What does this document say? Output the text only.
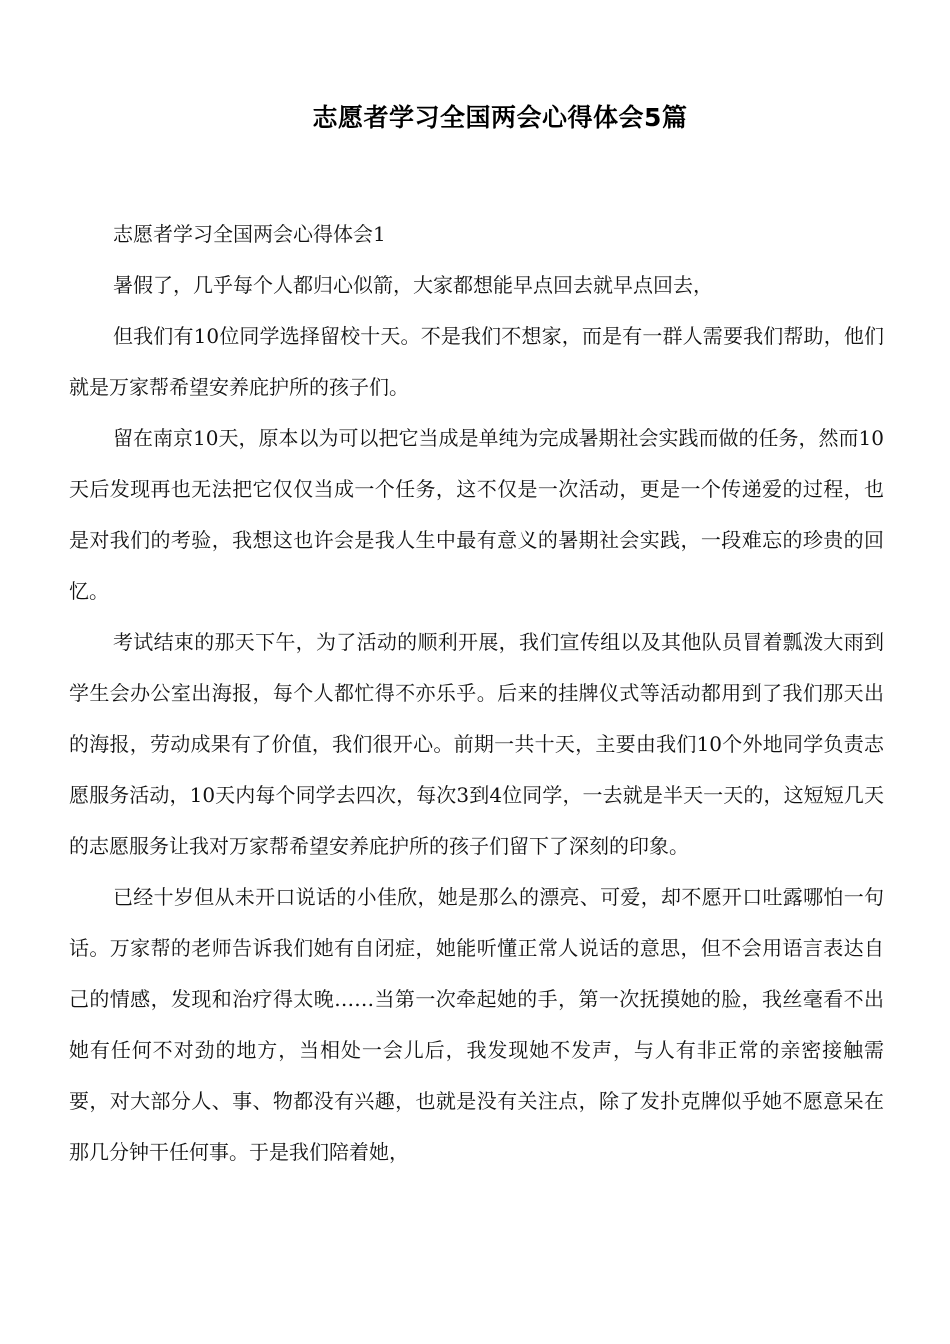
志愿者学习全国两会心得体会5篇

志愿者学习全国两会心得体会1

暑假了，几乎每个人都归心似箭，大家都想能早点回去就早点回去，

但我们有10位同学选择留校十天。不是我们不想家，而是有一群人需要我们帮助，他们就是万家帮希望安养庇护所的孩子们。

留在南京10天，原本以为可以把它当成是单纯为完成暑期社会实践而做的任务，然而10天后发现再也无法把它仅仅当成一个任务，这不仅是一次活动，更是一个传递爱的过程，也是对我们的考验，我想这也许会是我人生中最有意义的暑期社会实践，一段难忘的珍贵的回忆。

考试结束的那天下午，为了活动的顺利开展，我们宣传组以及其他队员冒着瓢泼大雨到学生会办公室出海报，每个人都忙得不亦乐乎。后来的挂牌仪式等活动都用到了我们那天出的海报，劳动成果有了价值，我们很开心。前期一共十天，主要由我们10个外地同学负责志愿服务活动，10天内每个同学去四次，每次3到4位同学，一去就是半天一天的，这短短几天的志愿服务让我对万家帮希望安养庇护所的孩子们留下了深刻的印象。

已经十岁但从未开口说话的小佳欣，她是那么的漂亮、可爱，却不愿开口吐露哪怕一句话。万家帮的老师告诉我们她有自闭症，她能听懂正常人说话的意思，但不会用语言表达自己的情感，发现和治疗得太晚……当第一次牵起她的手，第一次抚摸她的脸，我丝毫看不出她有任何不对劲的地方，当相处一会儿后，我发现她不发声，与人有非正常的亲密接触需要，对大部分人、事、物都没有兴趣，也就是没有关注点，除了发扑克牌似乎她不愿意呆在那几分钟干任何事。于是我们陪着她，
